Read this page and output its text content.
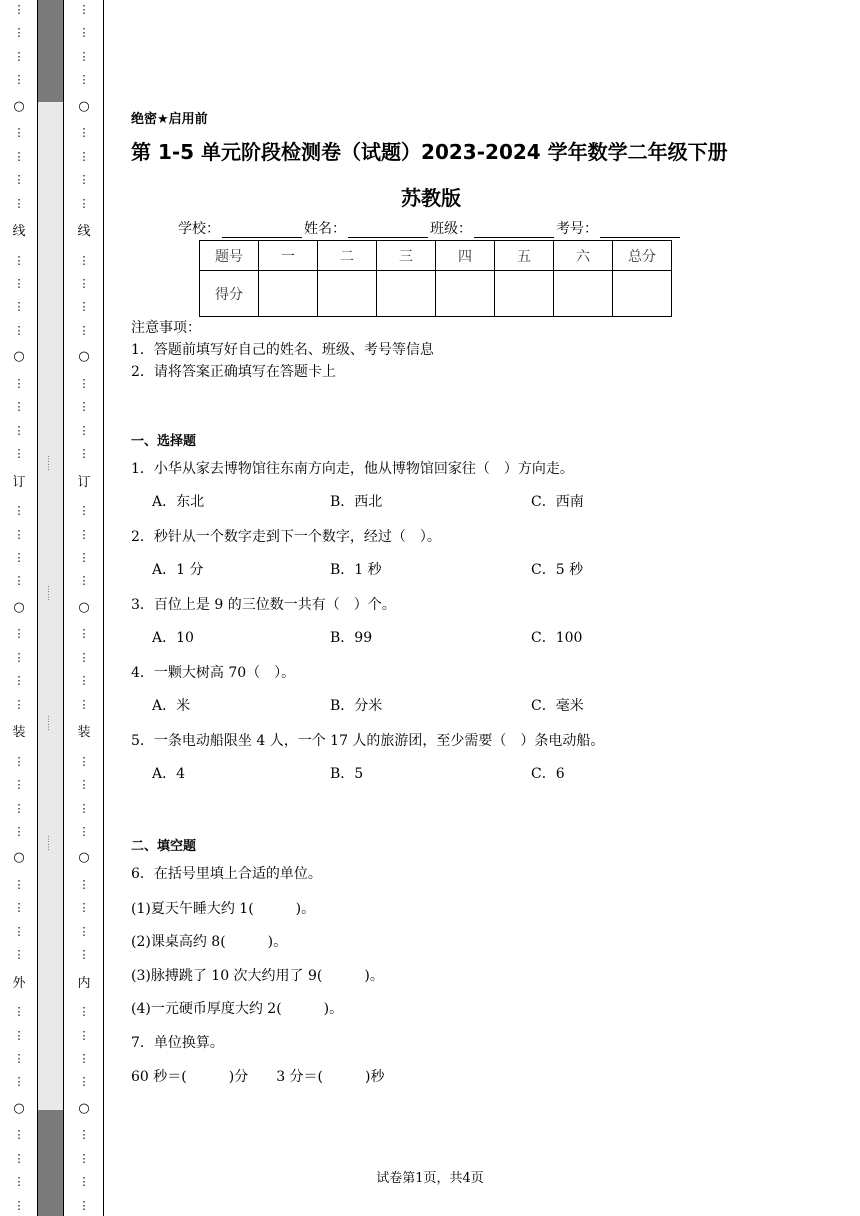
……
……
……
……
⋮
⋮
⋮
⋮
○
⋮
⋮
⋮
⋮
线
⋮
⋮
⋮
⋮
○
⋮
⋮
⋮
⋮
订
⋮
⋮
⋮
⋮
○
⋮
⋮
⋮
⋮
装
⋮
⋮
⋮
⋮
○
⋮
⋮
⋮
⋮
外
⋮
⋮
⋮
⋮
○
⋮
⋮
⋮
⋮
⋮
⋮
⋮
⋮
○
⋮
⋮
⋮
⋮
线
⋮
⋮
⋮
⋮
○
⋮
⋮
⋮
⋮
订
⋮
⋮
⋮
⋮
○
⋮
⋮
⋮
⋮
装
⋮
⋮
⋮
⋮
○
⋮
⋮
⋮
⋮
内
⋮
⋮
⋮
⋮
○
⋮
⋮
⋮
⋮
绝密★启用前
第 1-5 单元阶段检测卷（试题）2023-2024 学年数学二年级下册
苏教版
学校：	姓名：	班级：	考号：
题号	一	二	三	四	五	六	总分
得分							
注意事项：
1．答题前填写好自己的姓名、班级、考号等信息
2．请将答案正确填写在答题卡上
一、选择题
1．小华从家去博物馆往东南方向走，他从博物馆回家往（　）方向走。
A．东北	B．西北	C．西南
2．秒针从一个数字走到下一个数字，经过（　）。
A．1 分	B．1 秒	C．5 秒
3．百位上是 9 的三位数一共有（　）个。
A．10	B．99	C．100
4．一颗大树高 70（　）。
A．米	B．分米	C．毫米
5．一条电动船限坐 4 人，一个 17 人的旅游团，至少需要（　）条电动船。
A．4	B．5	C．6
二、填空题
6．在括号里填上合适的单位。
(1)夏天午睡大约 1(　　　)。
(2)课桌高约 8(　　　)。
(3)脉搏跳了 10 次大约用了 9(　　　)。
(4)一元硬币厚度大约 2(　　　)。
7．单位换算。
60 秒＝(　　　)分　　3 分＝(　　　)秒
试卷第1页，共4页
